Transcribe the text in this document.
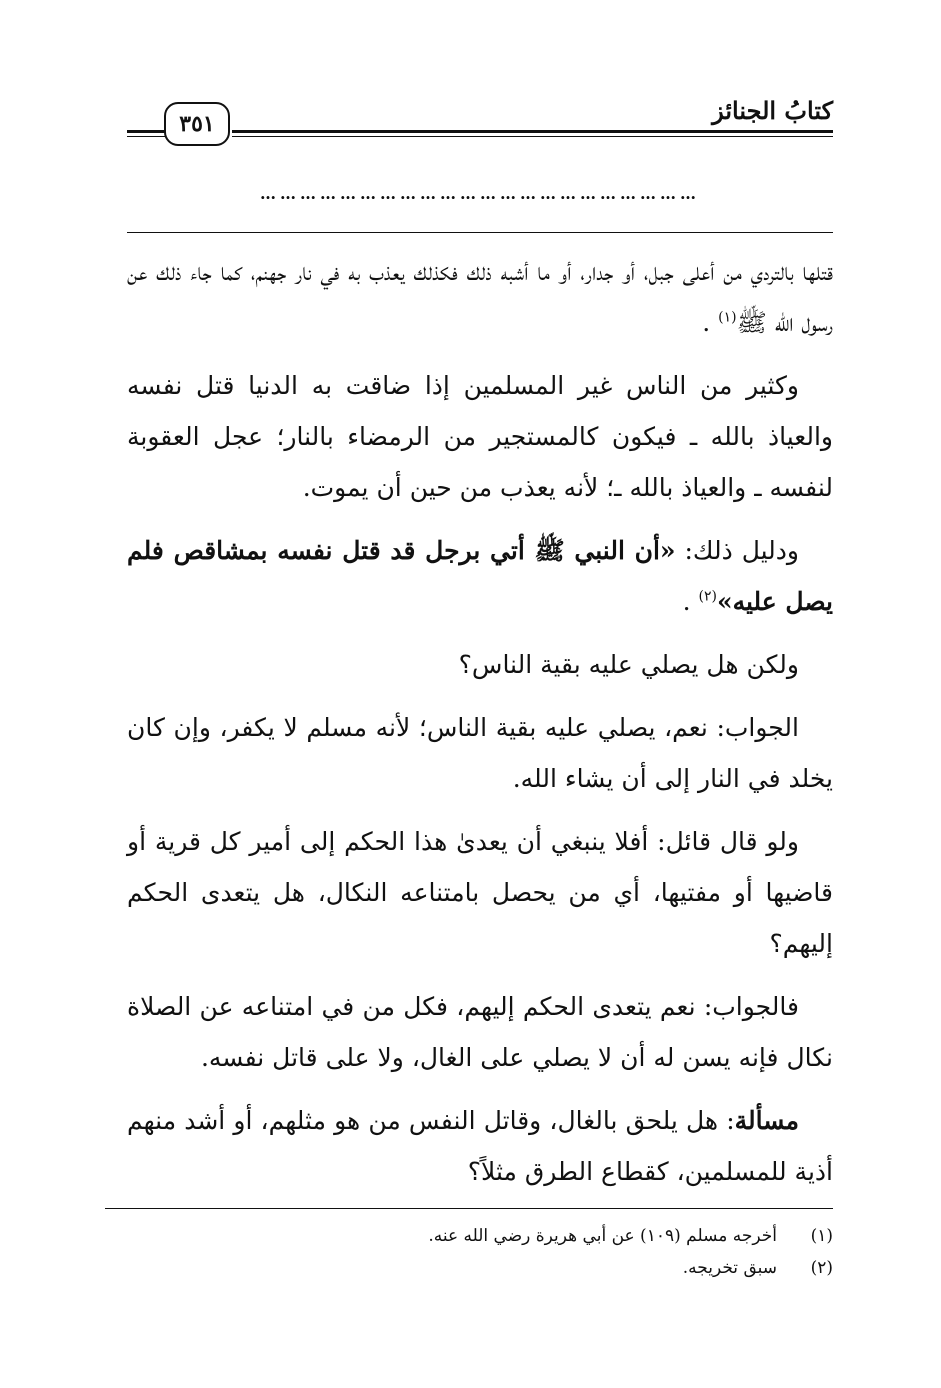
كتابُ الجنائز
٣٥١
…………………………………………………………

قتلها بالتردي من أعلى جبل، أو جدار، أو ما أشبه ذلك فكذلك يعذب به في نار جهنم، كما جاء ذلك عن رسول الله ﷺ$^{(١)}$ .

وكثير من الناس غير المسلمين إذا ضاقت به الدنيا قتل نفسه والعياذ بالله ـ فيكون كالمستجير من الرمضاء بالنار؛ عجل العقوبة لنفسه ـ والعياذ بالله ـ؛ لأنه يعذب من حين أن يموت.

ودليل ذلك: «أن النبي ﷺ أتي برجل قد قتل نفسه بمشاقص فلم يصل عليه»$^{(٢)}$ .

ولكن هل يصلي عليه بقية الناس؟

الجواب: نعم، يصلي عليه بقية الناس؛ لأنه مسلم لا يكفر، وإن كان يخلد في النار إلى أن يشاء الله.

ولو قال قائل: أفلا ينبغي أن يعدىٰ هذا الحكم إلى أمير كل قرية أو قاضيها أو مفتيها، أي من يحصل بامتناعه النكال، هل يتعدى الحكم إليهم؟

فالجواب: نعم يتعدى الحكم إليهم، فكل من في امتناعه عن الصلاة نكال فإنه يسن له أن لا يصلي على الغال، ولا على قاتل نفسه.

مسألة: هل يلحق بالغال، وقاتل النفس من هو مثلهم، أو أشد منهم أذية للمسلمين، كقطاع الطرق مثلاً؟

(١)
أخرجه مسلم (١٠٩) عن أبي هريرة رضي الله عنه.
(٢)
سبق تخريجه.
